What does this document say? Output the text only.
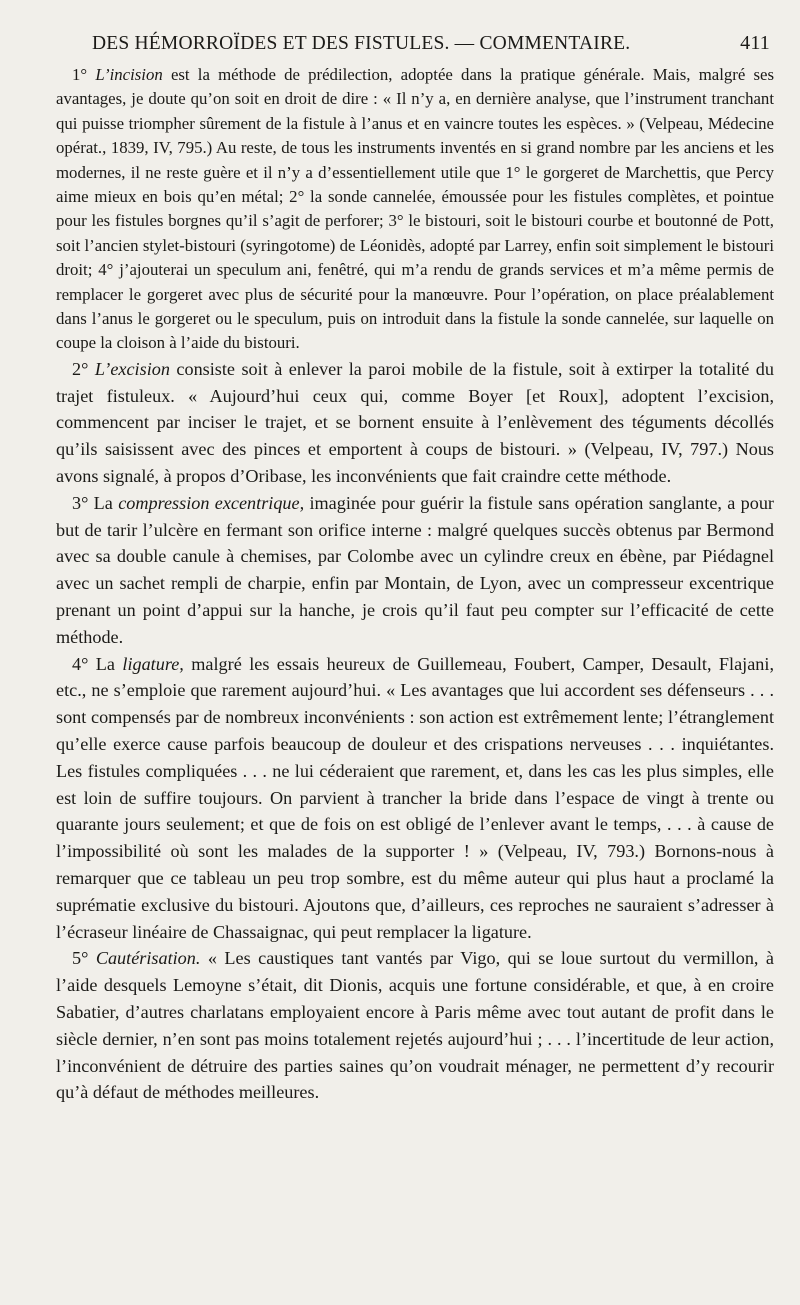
DES HÉMORROÏDES ET DES FISTULES. — COMMENTAIRE.	411

1° L’incision est la méthode de prédilection, adoptée dans la pratique générale. Mais, malgré ses avantages, je doute qu’on soit en droit de dire : « Il n’y a, en dernière analyse, que l’instrument tranchant qui puisse triompher sûrement de la fistule à l’anus et en vaincre toutes les espèces. » (Velpeau, Médecine opérat., 1839, IV, 795.) Au reste, de tous les instruments inventés en si grand nombre par les anciens et les modernes, il ne reste guère et il n’y a d’essentiellement utile que 1° le gorgeret de Marchettis, que Percy aime mieux en bois qu’en métal; 2° la sonde cannelée, émoussée pour les fistules complètes, et pointue pour les fistules borgnes qu’il s’agit de perforer; 3° le bistouri, soit le bistouri courbe et boutonné de Pott, soit l’ancien stylet-bistouri (syringotome) de Léonidès, adopté par Larrey, enfin soit simplement le bistouri droit; 4° j’ajouterai un speculum ani, fenêtré, qui m’a rendu de grands services et m’a même permis de remplacer le gorgeret avec plus de sécurité pour la manœuvre. Pour l’opération, on place préalablement dans l’anus le gorgeret ou le speculum, puis on introduit dans la fistule la sonde cannelée, sur laquelle on coupe la cloison à l’aide du bistouri.

2° L’excision consiste soit à enlever la paroi mobile de la fistule, soit à extirper la totalité du trajet fistuleux. « Aujourd’hui ceux qui, comme Boyer [et Roux], adoptent l’excision, commencent par inciser le trajet, et se bornent ensuite à l’enlèvement des téguments décollés qu’ils saisissent avec des pinces et emportent à coups de bistouri. » (Velpeau, IV, 797.) Nous avons signalé, à propos d’Oribase, les inconvénients que fait craindre cette méthode.

3° La compression excentrique, imaginée pour guérir la fistule sans opération sanglante, a pour but de tarir l’ulcère en fermant son orifice interne : malgré quelques succès obtenus par Bermond avec sa double canule à chemises, par Colombe avec un cylindre creux en ébène, par Piédagnel avec un sachet rempli de charpie, enfin par Montain, de Lyon, avec un compresseur excentrique prenant un point d’appui sur la hanche, je crois qu’il faut peu compter sur l’efficacité de cette méthode.

4° La ligature, malgré les essais heureux de Guillemeau, Foubert, Camper, Desault, Flajani, etc., ne s’emploie que rarement aujourd’hui. « Les avantages que lui accordent ses défenseurs . . . sont compensés par de nombreux inconvénients : son action est extrêmement lente; l’étranglement qu’elle exerce cause parfois beaucoup de douleur et des crispations nerveuses . . . inquiétantes. Les fistules compliquées . . . ne lui céderaient que rarement, et, dans les cas les plus simples, elle est loin de suffire toujours. On parvient à trancher la bride dans l’espace de vingt à trente ou quarante jours seulement; et que de fois on est obligé de l’enlever avant le temps, . . . à cause de l’impossibilité où sont les malades de la supporter ! » (Velpeau, IV, 793.) Bornons-nous à remarquer que ce tableau un peu trop sombre, est du même auteur qui plus haut a proclamé la suprématie exclusive du bistouri. Ajoutons que, d’ailleurs, ces reproches ne sauraient s’adresser à l’écraseur linéaire de Chassaignac, qui peut remplacer la ligature.

5° Cautérisation. « Les caustiques tant vantés par Vigo, qui se loue surtout du vermillon, à l’aide desquels Lemoyne s’était, dit Dionis, acquis une fortune considérable, et que, à en croire Sabatier, d’autres charlatans employaient encore à Paris même avec tout autant de profit dans le siècle dernier, n’en sont pas moins totalement rejetés aujourd’hui ; . . . l’incertitude de leur action, l’inconvénient de détruire des parties saines qu’on voudrait ménager, ne permettent d’y recourir qu’à défaut de méthodes meilleures.
